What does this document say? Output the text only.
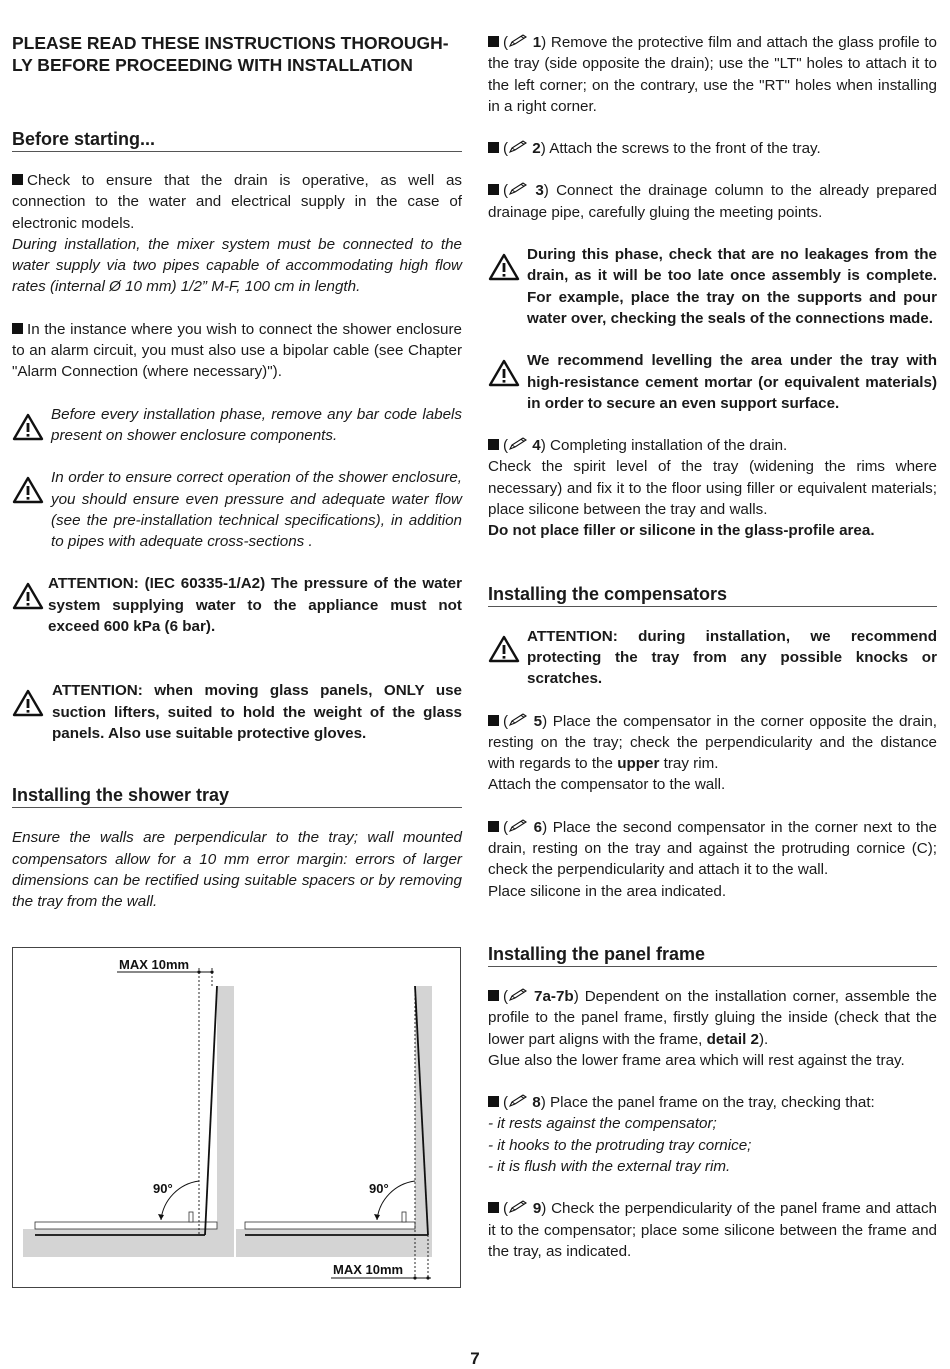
PLEASE READ THESE INSTRUCTIONS THOROUGH-LY BEFORE PROCEEDING WITH INSTALLATION

Before starting...

Check to ensure that the drain is operative, as well as connection to the water and electrical supply in the case of electronic models.

During installation, the mixer system must be connected to the water supply via two pipes capable of accommodating high flow rates (internal Ø 10 mm) 1/2” M-F, 100 cm in length.

In the instance where you wish to connect the shower enclosure to an alarm circuit, you must also use a bipolar cable (see Chapter "Alarm Connection (where necessary)").

Before every installation phase, remove any bar code labels present on shower enclosure components.

In order to ensure correct operation of the shower enclosure, you should ensure even pressure and adequate water flow (see the pre-installation technical specifications), in addition to pipes with adequate cross-sections .

ATTENTION: (IEC 60335-1/A2) The pressure of the water system supplying water to the appliance must not exceed 600 kPa (6 bar).

ATTENTION: when moving glass panels, ONLY use suction lifters, suited to hold the weight of the glass panels. Also use suitable protective gloves.

Installing the shower tray

Ensure the walls are perpendicular to the tray; wall mounted compensators allow for a 10 mm error margin: errors of larger dimensions can be rectified using suitable spacers or by removing the tray from the wall.

MAX 10mm
MAX 10mm
90°	90°

( 1) Remove the protective film and attach the glass profile to the tray (side opposite the drain); use the "LT" holes to attach it to the left corner; on the contrary, use the "RT" holes when installing in a right corner.

( 2) Attach the screws to the front of the tray.

( 3) Connect the drainage column to the already prepared drainage pipe, carefully gluing the meeting points.

During this phase, check that are no leakages from the drain, as it will be too late once assembly is complete. For example, place the tray on the supports and pour water over, checking the seals of the connections made.

We recommend levelling the area under the tray with high-resistance cement mortar (or equivalent materials) in order to secure an even support surface.

( 4) Completing installation of the drain.

Check the spirit level of the tray (widening the rims where necessary) and fix it to the floor using filler or equivalent materials; place silicone between the tray and walls.

Do not place filler or silicone in the glass-profile area.

Installing the compensators

ATTENTION: during installation, we recommend protecting the tray from any possible knocks or scratches.

( 5) Place the compensator in the corner opposite the drain, resting on the tray; check the perpendicularity and the distance with regards to the upper tray rim.

Attach the compensator to the wall.

( 6) Place the second compensator in the corner next to the drain, resting on the tray and against the protruding cornice (C); check the perpendicularity and attach it to the wall.

Place silicone in the area indicated.

Installing the panel frame

( 7a-7b) Dependent on the installation corner, assemble the profile to the panel frame, firstly gluing the inside (check that the lower part aligns with the frame, detail 2).

Glue also the lower frame area which will rest against the tray.

( 8) Place the panel frame on the tray, checking that:

- it rests against the compensator;

- it hooks to the protruding tray cornice;

- it is flush with the external tray rim.

( 9) Check the perpendicularity of the panel frame and attach it to the compensator; place some silicone between the frame and the tray, as indicated.

7
